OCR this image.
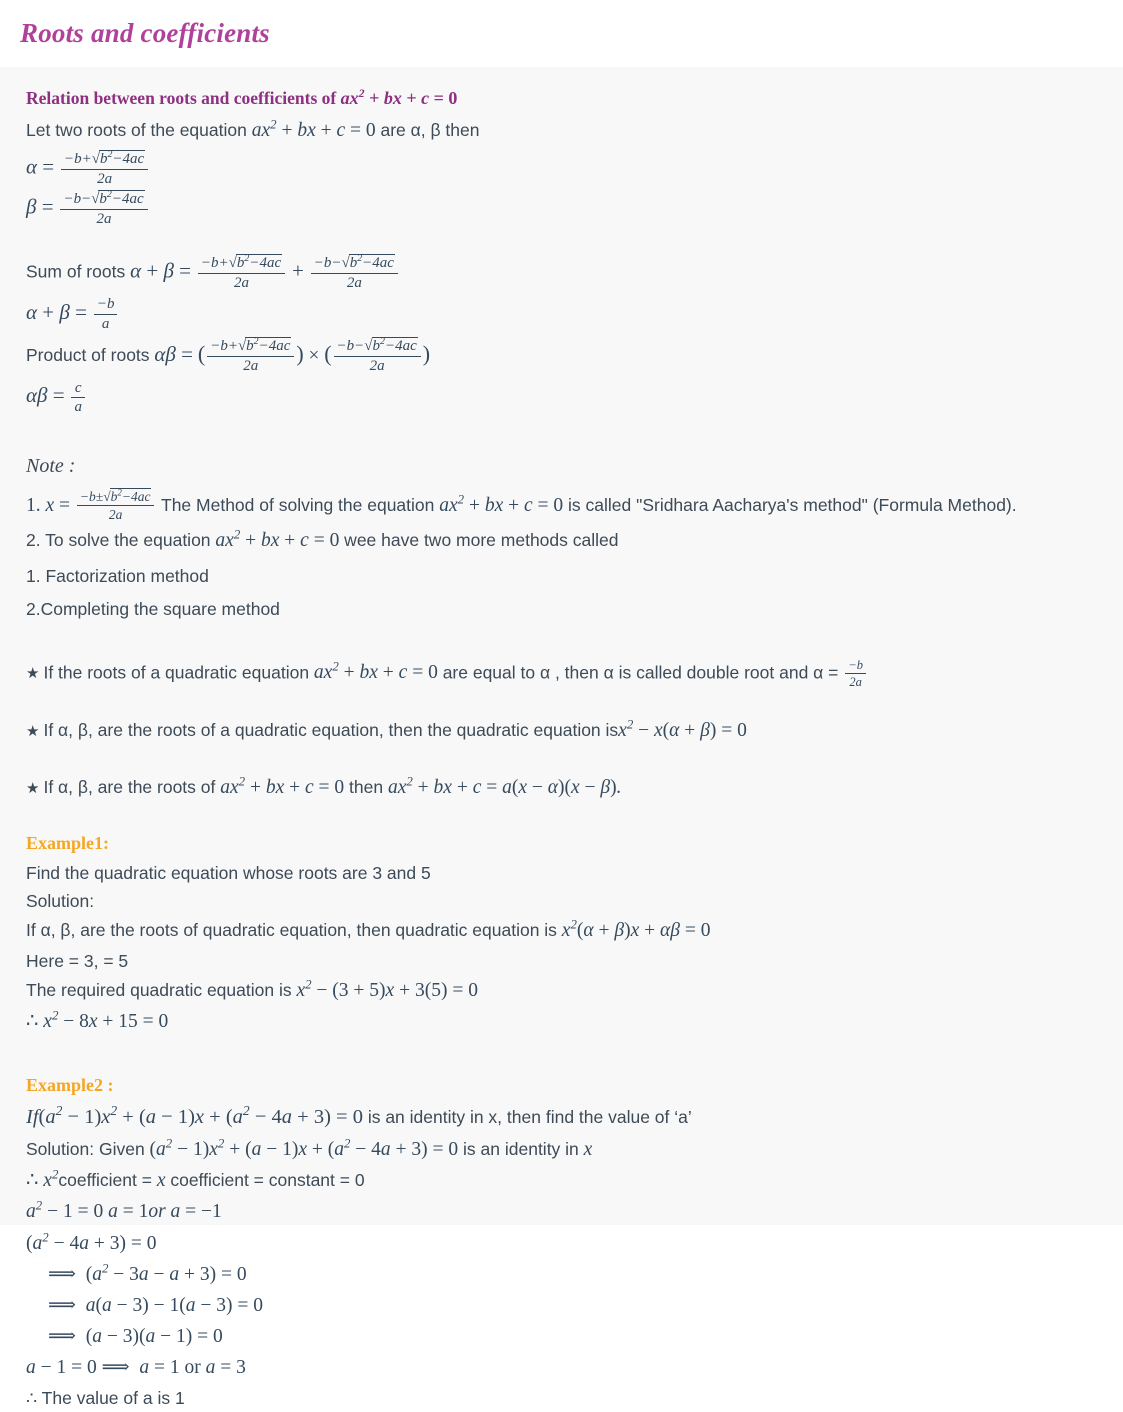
Roots and coefficients

Relation between roots and coefficients of $ax^2$ + bx + c = 0

Let two roots of the equation $ax^2$ + bx + c = 0 are α, β then

$\alpha = \frac{-b+√b^2-4ac}{2a}$

$\beta = \frac{-b-√b^2-4ac}{2a}$

Sum of roots $\alpha + \beta = \frac{-b+√b^2-4ac}{2a} + \frac{-b-√b^2-4ac}{2a}$

$\alpha + \beta = \frac{-b}{a}$

Product of roots αβ = ( $\frac{-b+√b^2-4ac}{2a}$ ) × ( $\frac{-b-√b^2-4ac}{2a}$ )

$\alpha\beta = \frac{c}{a}$

Note :

1. $x = \frac{-b\pm√b^2-4ac}{2a}$ The Method of solving the equation $ax^2$ + bx + c = 0 is called "Sridhara Aacharya's method" (Formula Method).

2. To solve the equation $ax^2$ + bx + c = 0 wee have two more methods called

1. Factorization method

2.Completing the square method

★ If the roots of a quadratic equation $ax^2$ + bx + c = 0 are equal to α , then α is called double root and $\alpha = \frac{-b}{2a}$

★ If α, β, are the roots of a quadratic equation, then the quadratic equation isx$^2$ − x(α + β) = 0

★ If α, β, are the roots of $ax^2$ + bx + c = 0 then $ax^2$ + bx + c = a(x − α)(x − β).

Example1:

Find the quadratic equation whose roots are 3 and 5

Solution:

If α, β, are the roots of quadratic equation, then quadratic equation is $x^2(\alpha + \beta)x + \alpha\beta = 0$

Here = 3, = 5

The required quadratic equation is $x^2 - (3 + 5)x + 3(5) = 0$

∴ $x^2 - 8x + 15 = 0$

Example2 :

$If(a^2 - 1)x^2 + (a - 1)x + (a^2 - 4a + 3) = 0$ is an identity in x, then find the value of ‘a’

Solution: Given $(a^2 - 1)x^2 + (a - 1)x + (a^2 - 4a + 3) = 0$ is an identity in x

∴ $x^2coefficient = x$ coefficient = constant = 0

$a^2 - 1 = 0$ a = 1or a = −1

$(a^2 - 4a + 3) = 0$

⟹ $(a^2 - 3a - a + 3) = 0$

⟹ a(a − 3) − 1(a − 3) = 0

⟹ (a − 3)(a − 1) = 0

a − 1 = 0 ⟹ a = 1 or a = 3

∴ The value of a is 1
